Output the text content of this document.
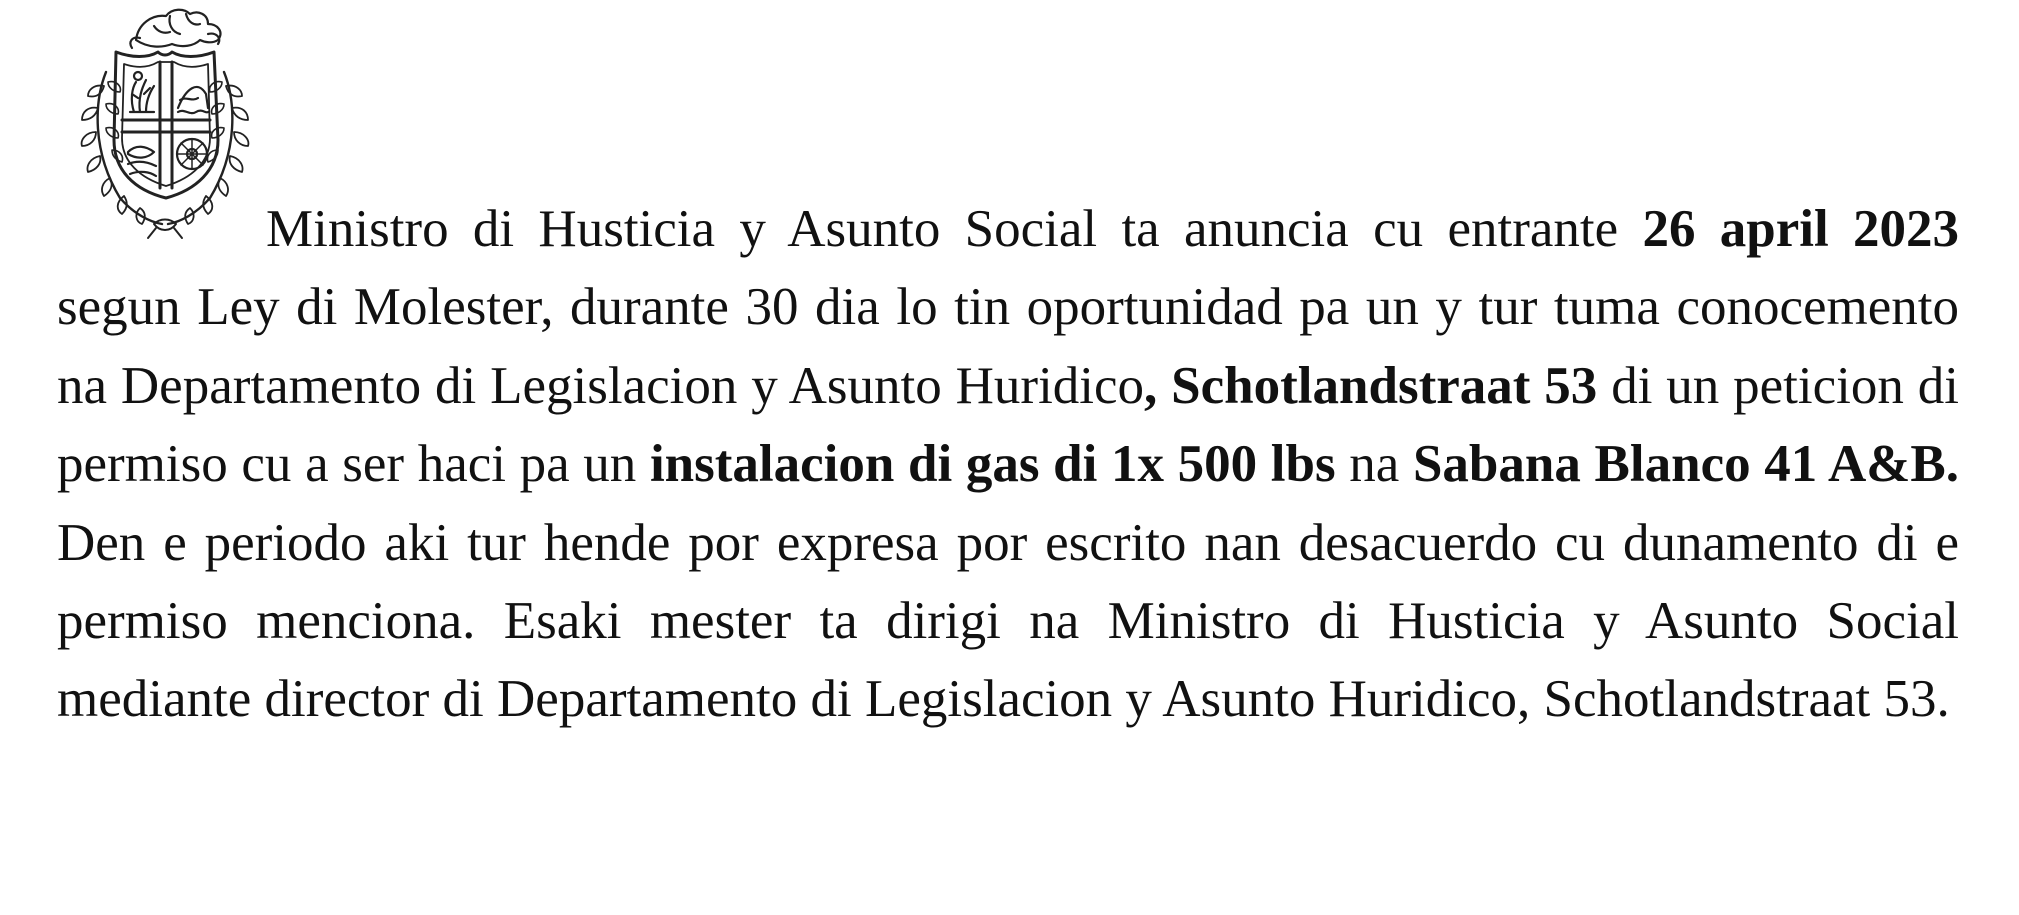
Ministro di Husticia y Asunto Social ta anuncia cu entrante 26 april 2023 segun Ley di Molester, durante 30 dia lo tin oportunidad pa un y tur tuma conocemento na Departamento di Legislacion y Asunto Huridico, Schotlandstraat 53 di un peticion di permiso cu a ser haci pa un instalacion di gas di 1x 500 lbs na Sabana Blanco 41 A&B. Den e periodo aki tur hende por expresa por escrito nan desacuerdo cu dunamento di e permiso menciona. Esaki mester ta dirigi na Ministro di Husticia y Asunto Social mediante director di Departamento di Legislacion y Asunto Huridico, Schotlandstraat 53.
